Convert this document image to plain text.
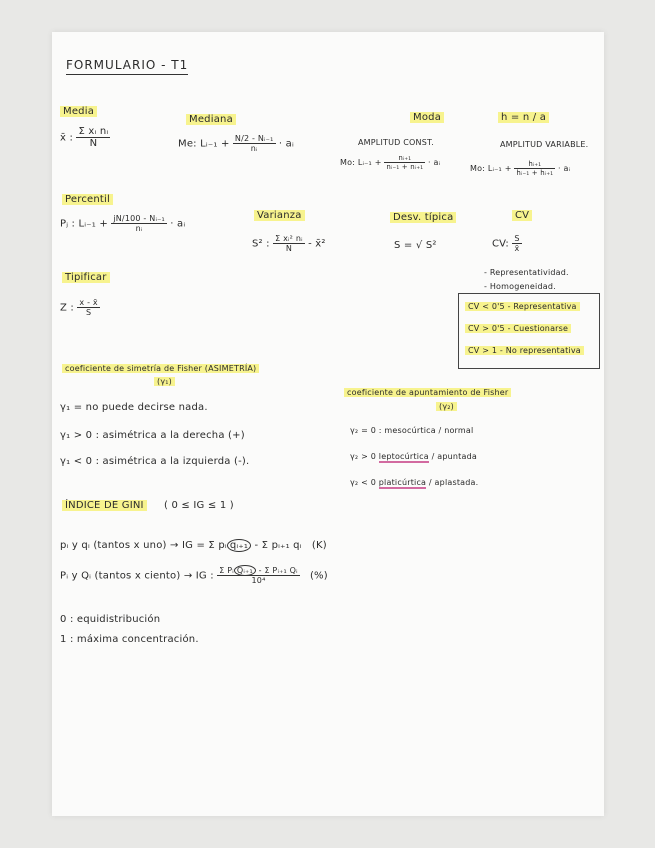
FORMULARIO - T1
Media
x̄ : $\frac{\text{Σ xᵢ nᵢ}}{N}$
Mediana
Me: Lᵢ₋₁ + $\frac{\text{N/2 - Nᵢ₋₁}}{\text{nᵢ}}$ · aᵢ
Moda	h = n / a
AMPLITUD CONST.
Mo: Lᵢ₋₁ + $\frac{\text{nᵢ₊₁}}{\text{nᵢ₋₁ + nᵢ₊₁}}$ · aᵢ
AMPLITUD VARIABLE.
Mo: Lᵢ₋₁ + $\frac{\text{hᵢ₊₁}}{\text{hᵢ₋₁ + hᵢ₊₁}}$ · aᵢ
Percentil
Pⱼ : Lᵢ₋₁ + $\frac{\text{jN/100 - Nᵢ₋₁}}{\text{nᵢ}}$ · aᵢ
Varianza
S² : $\frac{\text{Σ xᵢ² nᵢ}}{N}$ - x̄²
Desv. típica
S = √ S²
CV
CV: $\frac{S}{x̄}$
- Representatividad.
- Homogeneidad.
CV < 0'5 - Representativa
CV > 0'5 - Cuestionarse
CV > 1 - No representativa
Tipificar
Z : $\frac{x - x̄}{S}$
coeficiente de simetría de Fisher (ASIMETRÍA)
(γ₁)
γ₁ = no puede decirse nada.
γ₁ > 0 : asimétrica a la derecha (+)
γ₁ < 0 : asimétrica a la izquierda (-).
coeficiente de apuntamiento de Fisher
(γ₂)
γ₂ = 0 : mesocúrtica / normal
γ₂ > 0 leptocúrtica / apuntada
γ₂ < 0 platicúrtica / aplastada.
ÍNDICE DE GINI	( 0 ≤ IG ≤ 1 )
pᵢ y qᵢ (tantos x uno) → IG = Σ pᵢ qᵢ₊₁ - Σ pᵢ₊₁ qᵢ (K)
Pᵢ y Qᵢ (tantos x ciento) → IG : $\frac{\text{Σ Pᵢ Qᵢ₊₁ - Σ Pᵢ₊₁ Qᵢ}}{\text{10⁴}}$ (%)
0 : equidistribución
1 : máxima concentración.
